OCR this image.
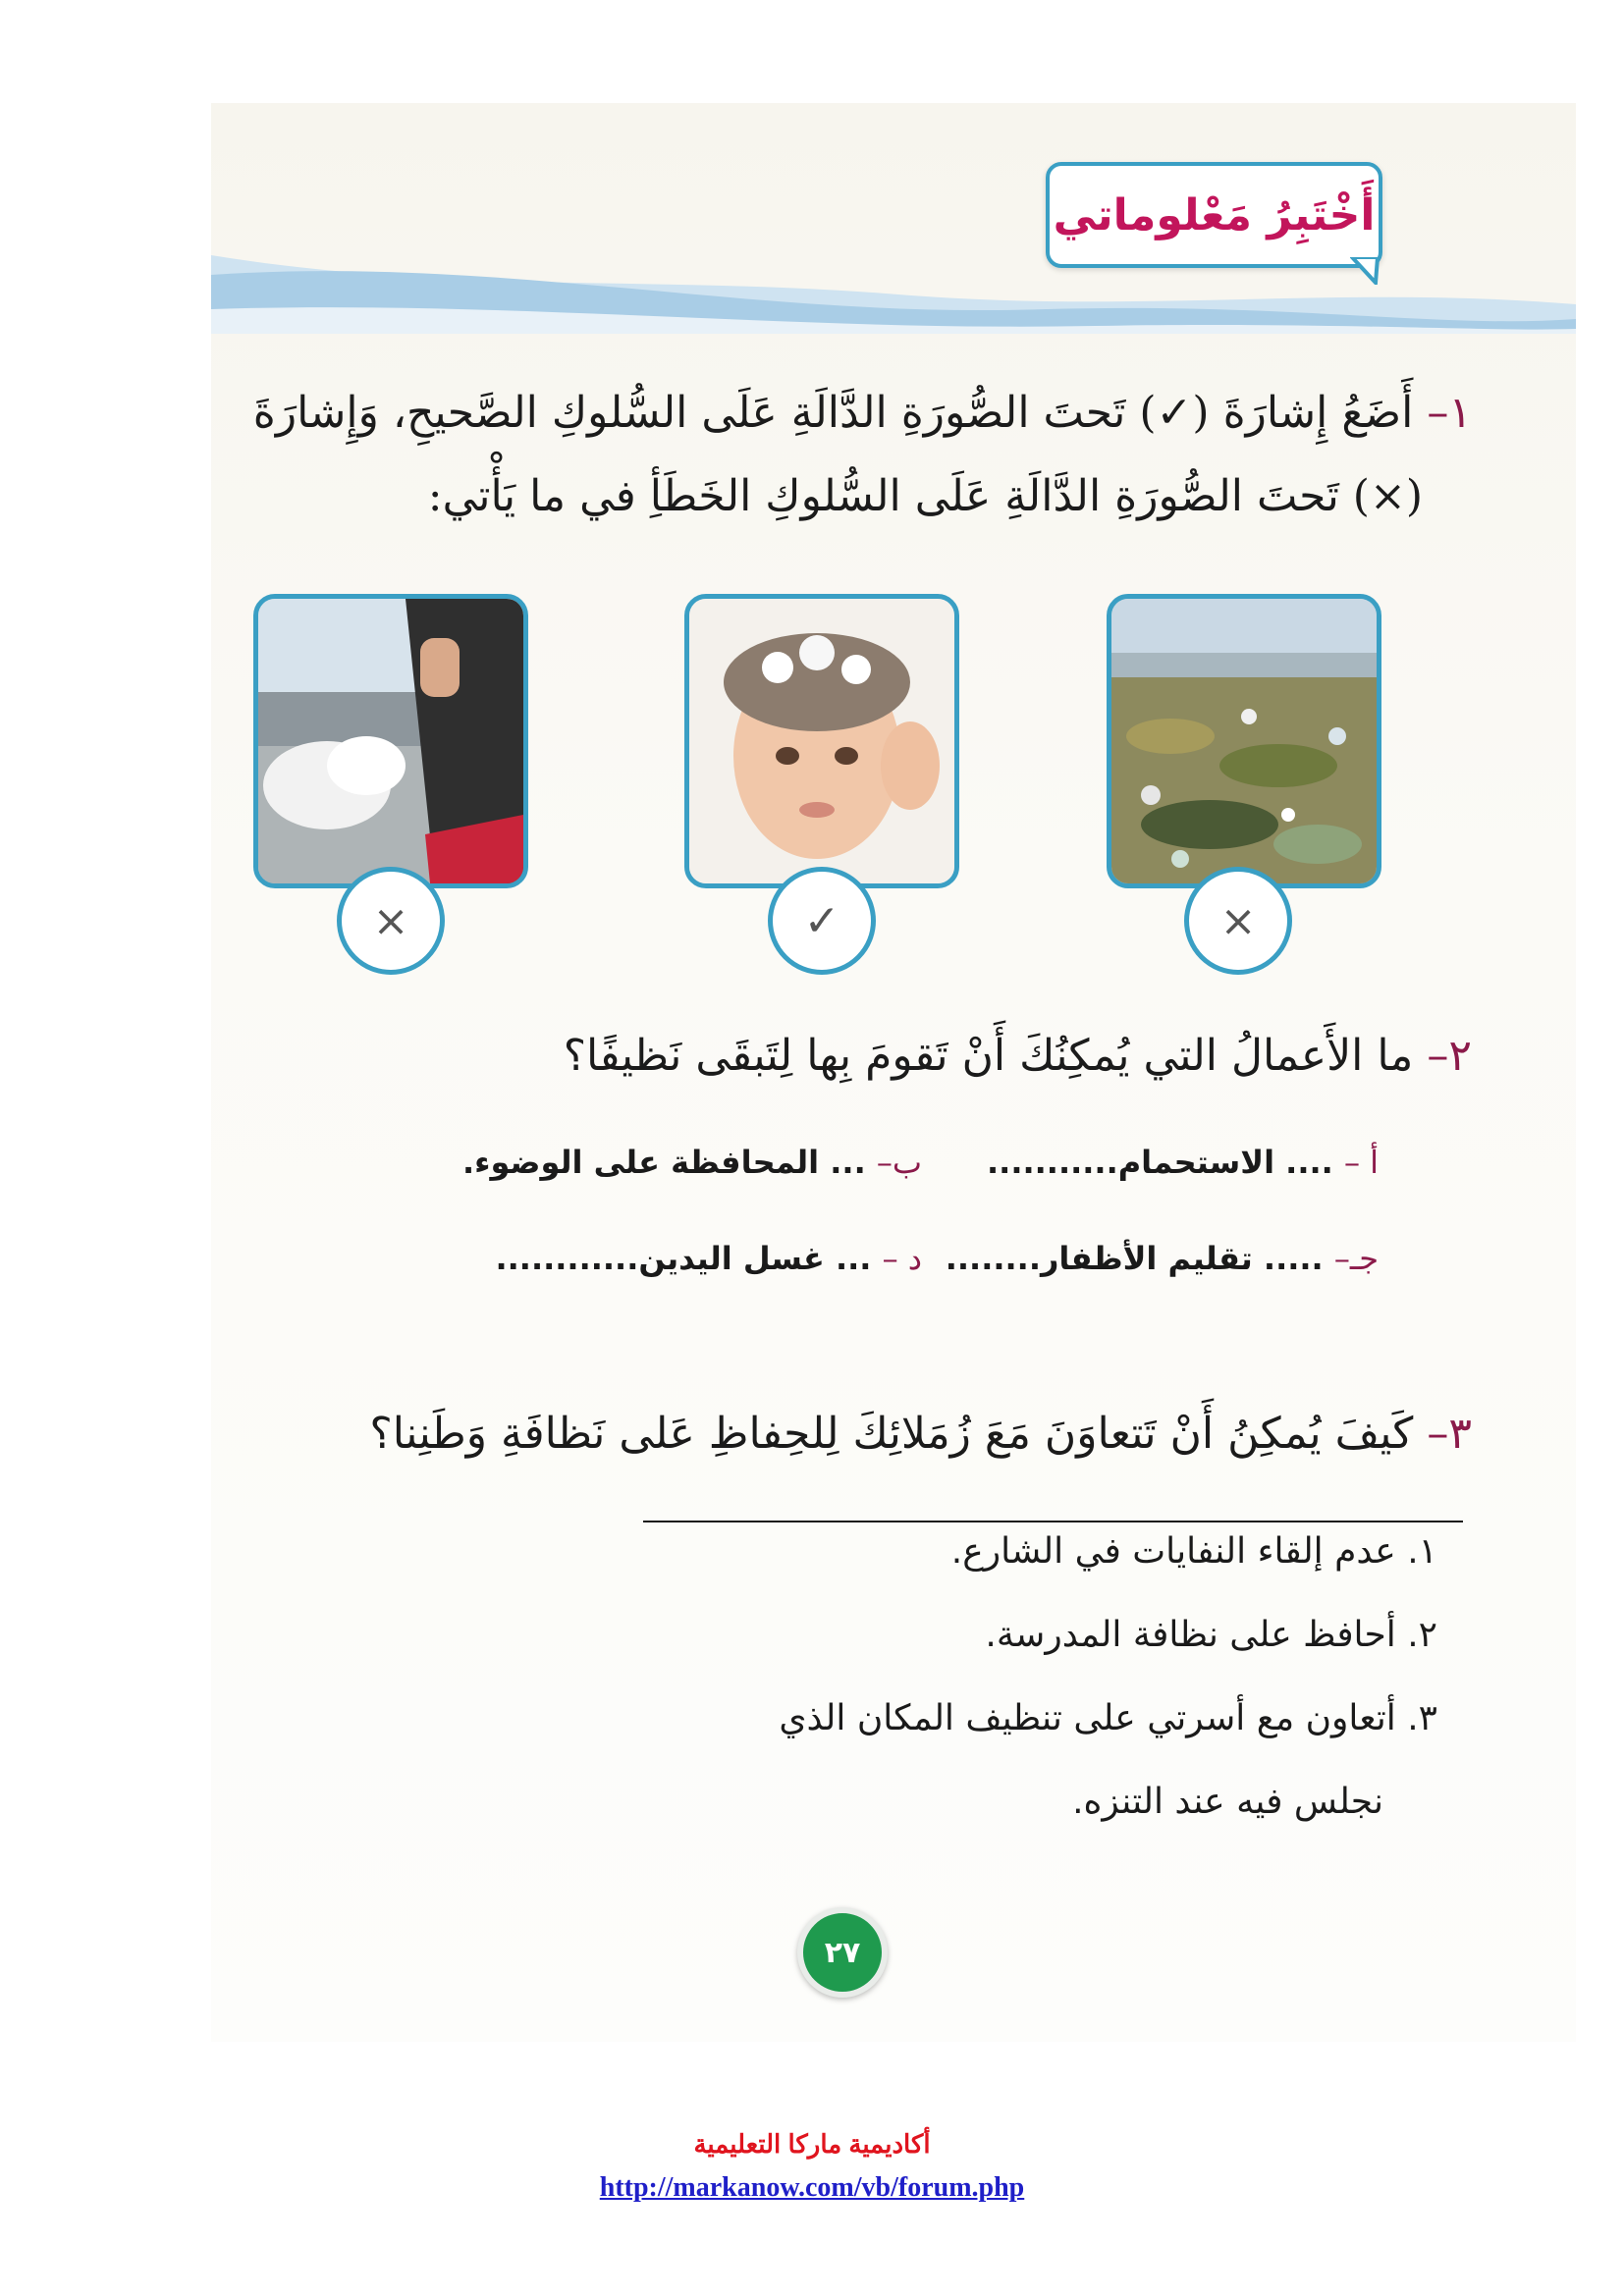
أَخْتَبِرُ مَعْلوماتي
١– أَضَعُ إِشارَةَ (✓) تَحتَ الصُّورَةِ الدَّالَةِ عَلَى السُّلوكِ الصَّحيحِ، وَإِشارَةَ
(×) تَحتَ الصُّورَةِ الدَّالَةِ عَلَى السُّلوكِ الخَطَأِ في ما يَأْتي:
×
✓
×
٢– ما الأَعمالُ التي يُمكِنُكَ أَنْ تَقومَ بِها لِتَبقَى نَظيفًا؟
أ – .... الاستحمام...........
ب– ... المحافظة على الوضوء.
جـ– ..... تقليم الأظفار........
د – ... غسل اليدين............
٣– كَيفَ يُمكِنُ أَنْ تَتعاوَنَ مَعَ زُمَلائِكَ لِلحِفاظِ عَلى نَظافَةِ وَطَنِنا؟
١. عدم إلقاء النفايات في الشارع.
٢. أحافظ على نظافة المدرسة.
٣. أتعاون مع أسرتي على تنظيف المكان الذي
نجلس فيه عند التنزه.
٢٧
أكاديمية ماركا التعليمية
http://markanow.com/vb/forum.php
